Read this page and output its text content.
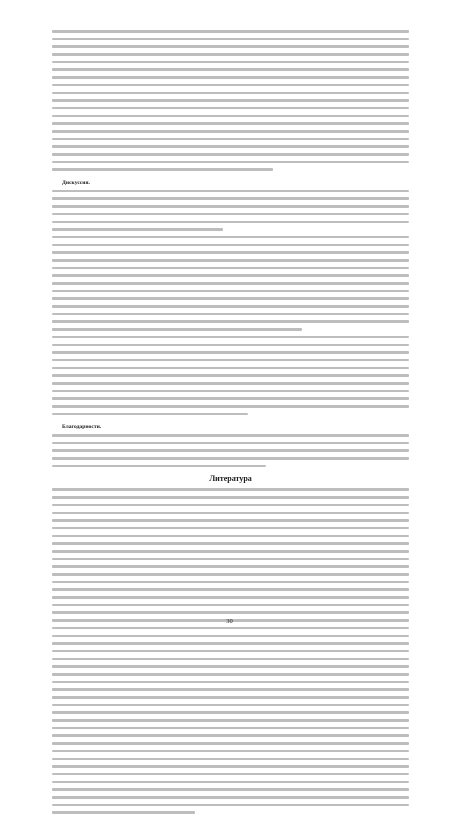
Дискуссия.

Благодарности.

Литература
30
